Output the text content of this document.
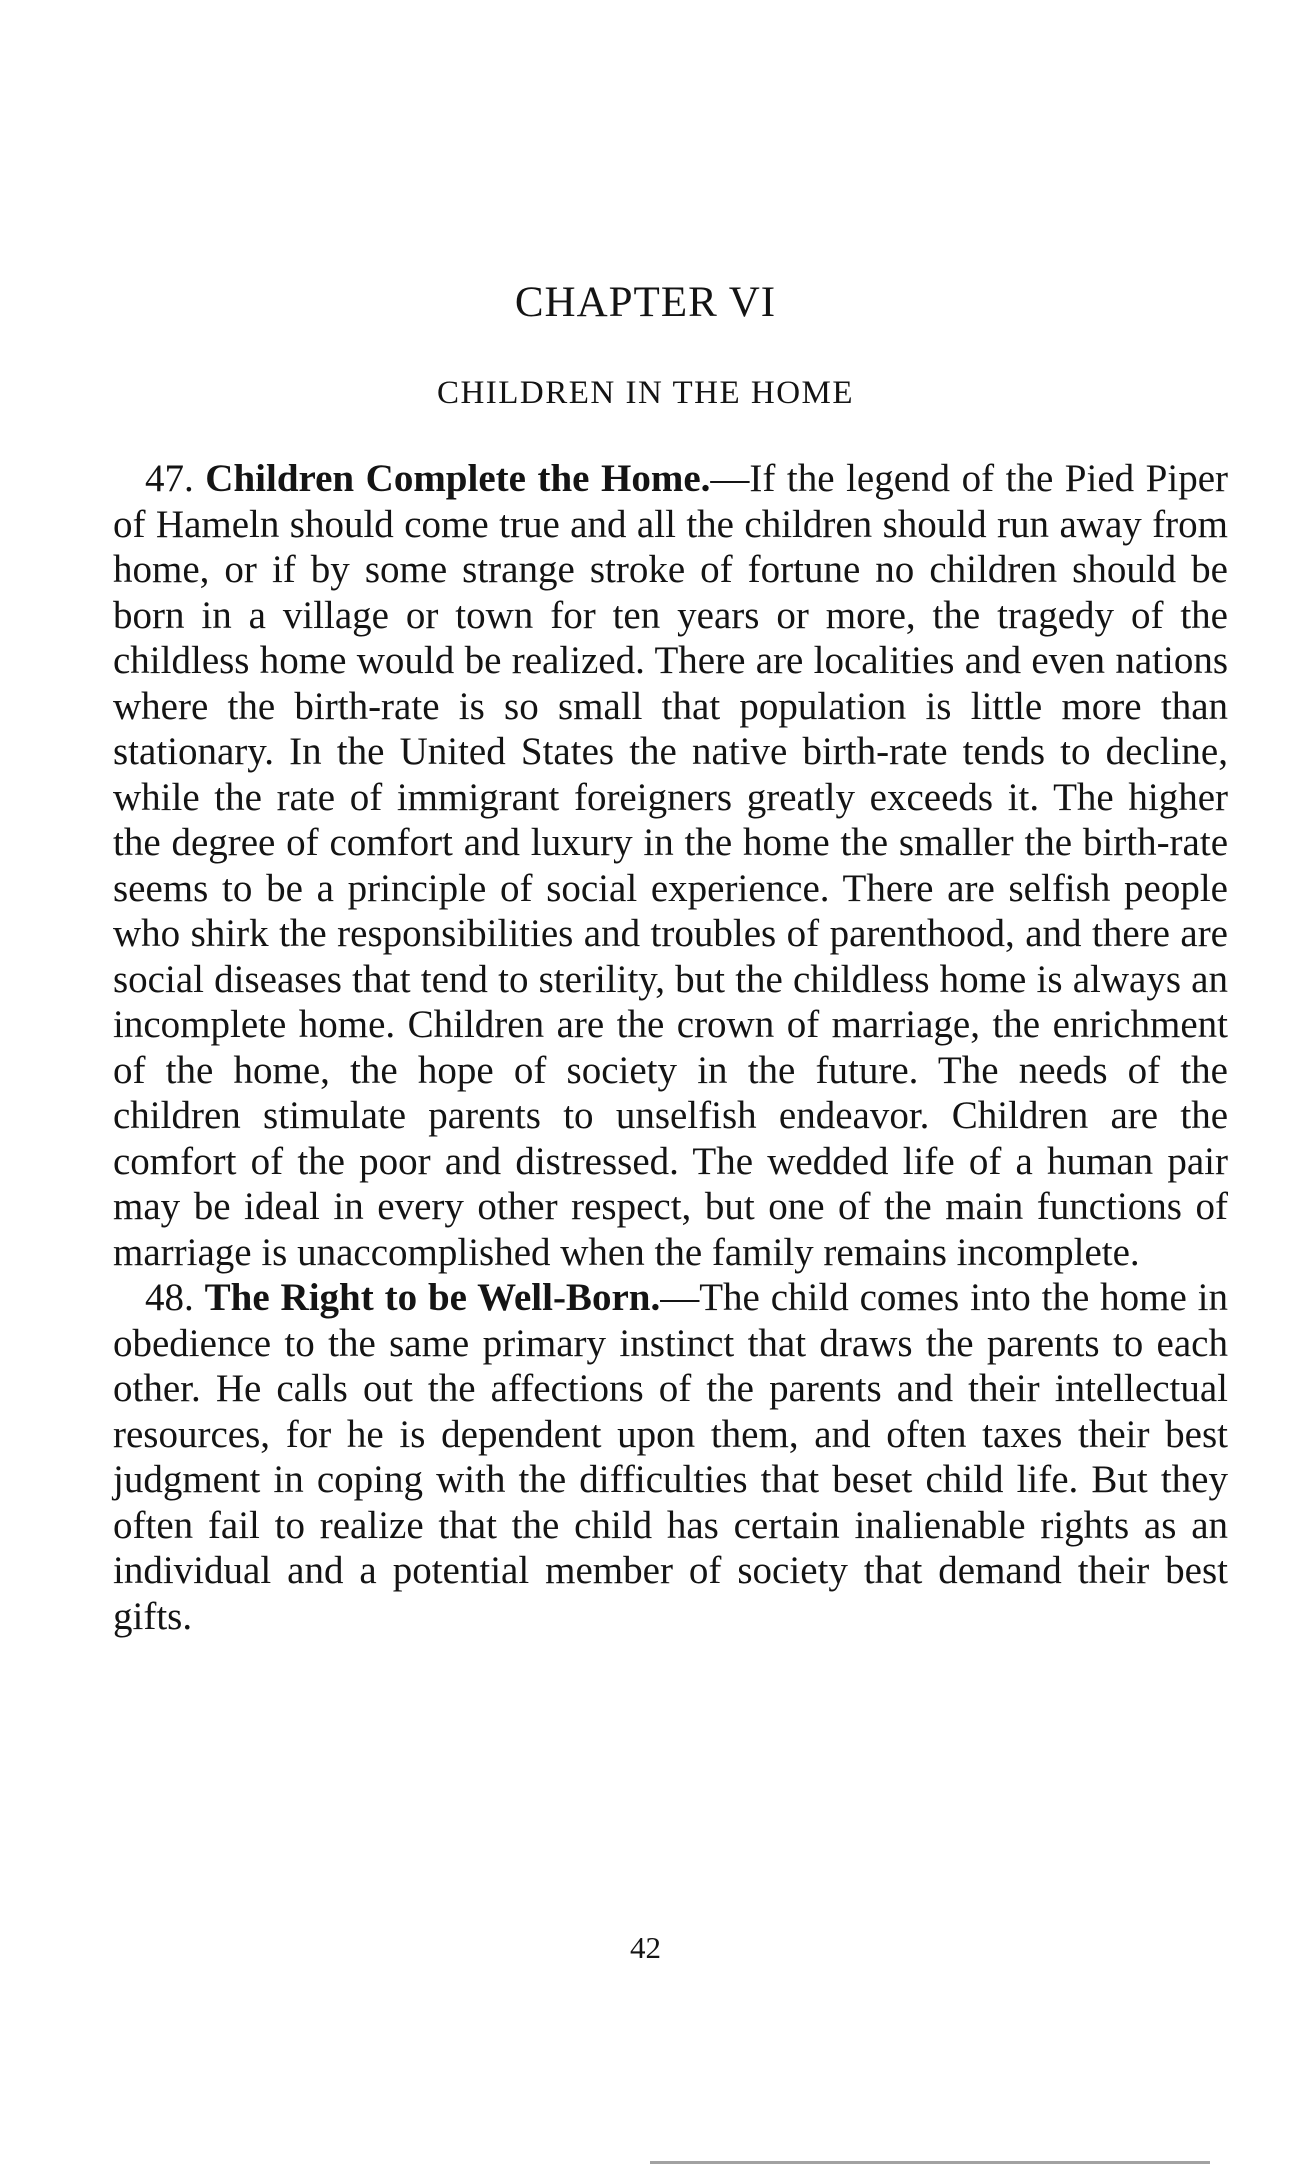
CHAPTER VI
CHILDREN IN THE HOME

47. Children Complete the Home.—If the legend of the Pied Piper of Hameln should come true and all the children should run away from home, or if by some strange stroke of fortune no children should be born in a village or town for ten years or more, the tragedy of the childless home would be realized. There are localities and even nations where the birth-rate is so small that population is little more than stationary. In the United States the native birth-rate tends to decline, while the rate of immigrant foreigners greatly exceeds it. The higher the degree of comfort and luxury in the home the smaller the birth-rate seems to be a principle of social experience. There are selfish people who shirk the responsibilities and troubles of parenthood, and there are social diseases that tend to sterility, but the childless home is always an incomplete home. Children are the crown of marriage, the enrichment of the home, the hope of society in the future. The needs of the children stimulate parents to unselfish endeavor. Children are the comfort of the poor and distressed. The wedded life of a human pair may be ideal in every other respect, but one of the main functions of marriage is unaccomplished when the family remains incomplete.

48. The Right to be Well-Born.—The child comes into the home in obedience to the same primary instinct that draws the parents to each other. He calls out the affections of the parents and their intellectual resources, for he is dependent upon them, and often taxes their best judgment in coping with the difficulties that beset child life. But they often fail to realize that the child has certain inalienable rights as an individual and a potential member of society that demand their best gifts.

42
